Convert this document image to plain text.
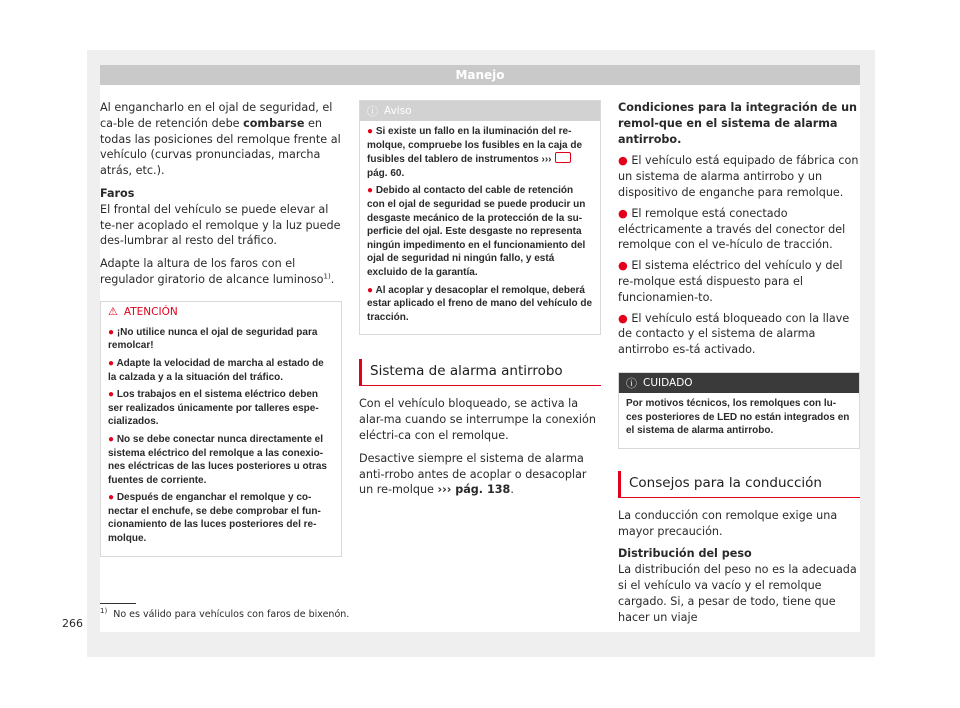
Manejo

Al engancharlo en el ojal de seguridad, el ca-ble de retención debe combarse en todas las posiciones del remolque frente al vehículo (curvas pronunciadas, marcha atrás, etc.).

Faros

El frontal del vehículo se puede elevar al te-ner acoplado el remolque y la luz puede des-lumbrar al resto del tráfico.

Adapte la altura de los faros con el regulador giratorio de alcance luminoso$^{1)}$.

⚠ ATENCIÓN
● ¡No utilice nunca el ojal de seguridad para remolcar!
● Adapte la velocidad de marcha al estado de la calzada y a la situación del tráfico.
● Los trabajos en el sistema eléctrico deben ser realizados únicamente por talleres espe-cializados.
● No se debe conectar nunca directamente el sistema eléctrico del remolque a las conexio-nes eléctricas de las luces posteriores u otras fuentes de corriente.
● Después de enganchar el remolque y co-nectar el enchufe, se debe comprobar el fun-cionamiento de las luces posteriores del re-molque.
ⓘ Aviso
● Si existe un fallo en la iluminación del re-molque, compruebe los fusibles en la caja de fusibles del tablero de instrumentos ›››pág. 60.
● Debido al contacto del cable de retención con el ojal de seguridad se puede producir un desgaste mecánico de la protección de la su-perficie del ojal. Este desgaste no representa ningún impedimento en el funcionamiento del ojal de seguridad ni ningún fallo, y está excluido de la garantía.
● Al acoplar y desacoplar el remolque, deberá estar aplicado el freno de mano del vehículo de tracción.
Sistema de alarma antirrobo

Con el vehículo bloqueado, se activa la alar-ma cuando se interrumpe la conexión eléctri-ca con el remolque.

Desactive siempre el sistema de alarma anti-rrobo antes de acoplar o desacoplar un re-molque ››› pág. 138.

Condiciones para la integración de un remol-que en el sistema de alarma antirrobo.

● El vehículo está equipado de fábrica con un sistema de alarma antirrobo y un dispositivo de enganche para remolque.

● El remolque está conectado eléctricamente a través del conector del remolque con el ve-hículo de tracción.

● El sistema eléctrico del vehículo y del re-molque está dispuesto para el funcionamien-to.

● El vehículo está bloqueado con la llave de contacto y el sistema de alarma antirrobo es-tá activado.

ⓘ CUIDADO
Por motivos técnicos, los remolques con lu-ces posteriores de LED no están integrados en el sistema de alarma antirrobo.
Consejos para la conducción

La conducción con remolque exige una mayor precaución.

Distribución del peso

La distribución del peso no es la adecuada si el vehículo va vacío y el remolque cargado. Si, a pesar de todo, tiene que hacer un viaje

$^{1)}$ No es válido para vehículos con faros de bixenón.
266
